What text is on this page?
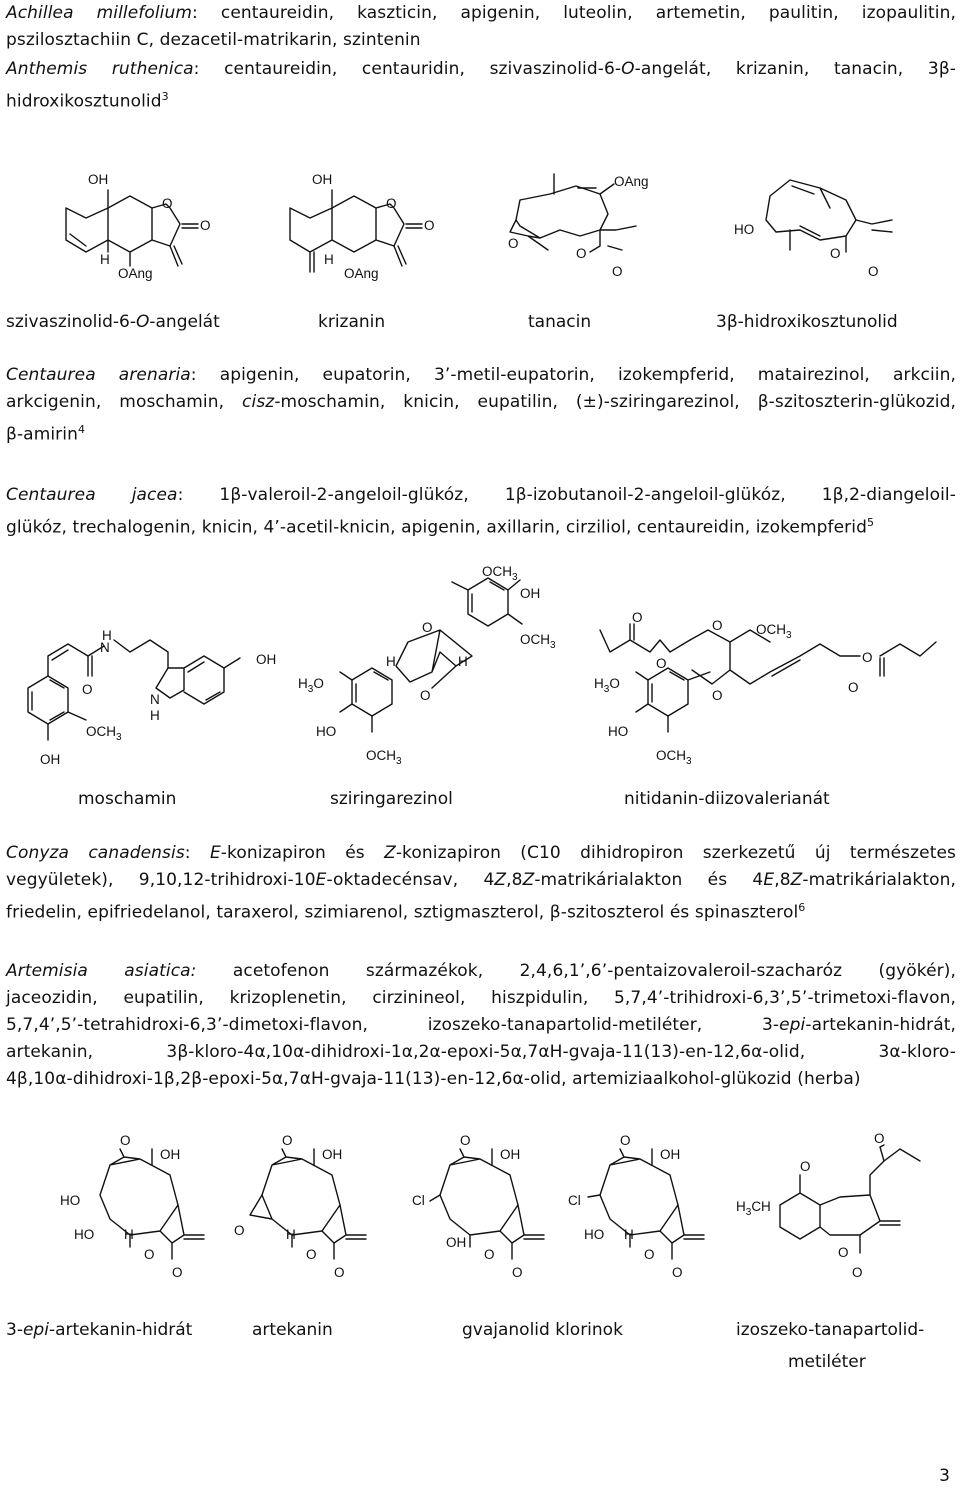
Achillea millefolium: centaureidin, kaszticin, apigenin, luteolin, artemetin, paulitin, izopaulitin,
pszilosztachiin C, dezacetil-matrikarin, szintenin
Anthemis ruthenica: centaureidin, centauridin, szivaszinolid-6-O-angelát, krizanin, tanacin, 3β-
hidroxikosztunolid$^3$
OH
O
O
H
OAng
OH
O
O
H
OAng
OAng
O
O
O
HO
O
O
szivaszinolid-6-O-angelát	krizanin	tanacin	3β-hidroxikosztunolid
Centaurea arenaria: apigenin, eupatorin, 3’-metil-eupatorin, izokempferid, matairezinol, arkciin,
arkcigenin, moschamin, cisz-moschamin, knicin, eupatilin, (±)-sziringarezinol, β-szitoszterin-glükozid,
β-amirin$^4$
Centaurea jacea: 1β-valeroil-2-angeloil-glükóz, 1β-izobutanoil-2-angeloil-glükóz, 1β,2-diangeloil-
glükóz, trechalogenin, knicin, 4’-acetil-knicin, apigenin, axillarin, cirziliol, centaureidin, izokempferid$^5$
H
N
O
OH
N
H
OH
$OCH_3$
$OCH_3$
OH
$OCH_3$
O
H	H
O
$H_3O$
HO
$OCH_3$
O
O
O
O
$OCH_3$
O
O
$H_3O$
HO
$OCH_3$
moschamin	sziringarezinol	nitidanin-diizovalerianát
Conyza canadensis: E-konizapiron és Z-konizapiron (C10 dihidropiron szerkezetű új természetes
vegyületek), 9,10,12-trihidroxi-10E-oktadecénsav, 4Z,8Z-matrikárialakton és 4E,8Z-matrikárialakton,
friedelin, epifriedelanol, taraxerol, szimiarenol, sztigmaszterol, β-szitoszterol és spinaszterol$^6$
Artemisia asiatica: acetofenon származékok, 2,4,6,1’,6’-pentaizovaleroil-szacharóz (gyökér),
jaceozidin, eupatilin, krizoplenetin, cirzinineol, hiszpidulin, 5,7,4’-trihidroxi-6,3’,5’-trimetoxi-flavon,
5,7,4’,5’-tetrahidroxi-6,3’-dimetoxi-flavon, izoszeko-tanapartolid-metiléter, 3-epi-artekanin-hidrát,
artekanin, 3β-kloro-4α,10α-dihidroxi-1α,2α-epoxi-5α,7αH-gvaja-11(13)-en-12,6α-olid, 3α-kloro-
4β,10α-dihidroxi-1β,2β-epoxi-5α,7αH-gvaja-11(13)-en-12,6α-olid, artemiziaalkohol-glükozid (herba)
O
OH
HO
HO H
O
O
O
OH
O	H
O
O
O
OH
Cl
OH
O
O
O
OH
Cl
HO H
O
O
O
O
$H_3CH$
O
O
3-epi-artekanin-hidrát	artekanin	gvajanolid klorinok	izoszeko-tanapartolid-
metiléter
3
